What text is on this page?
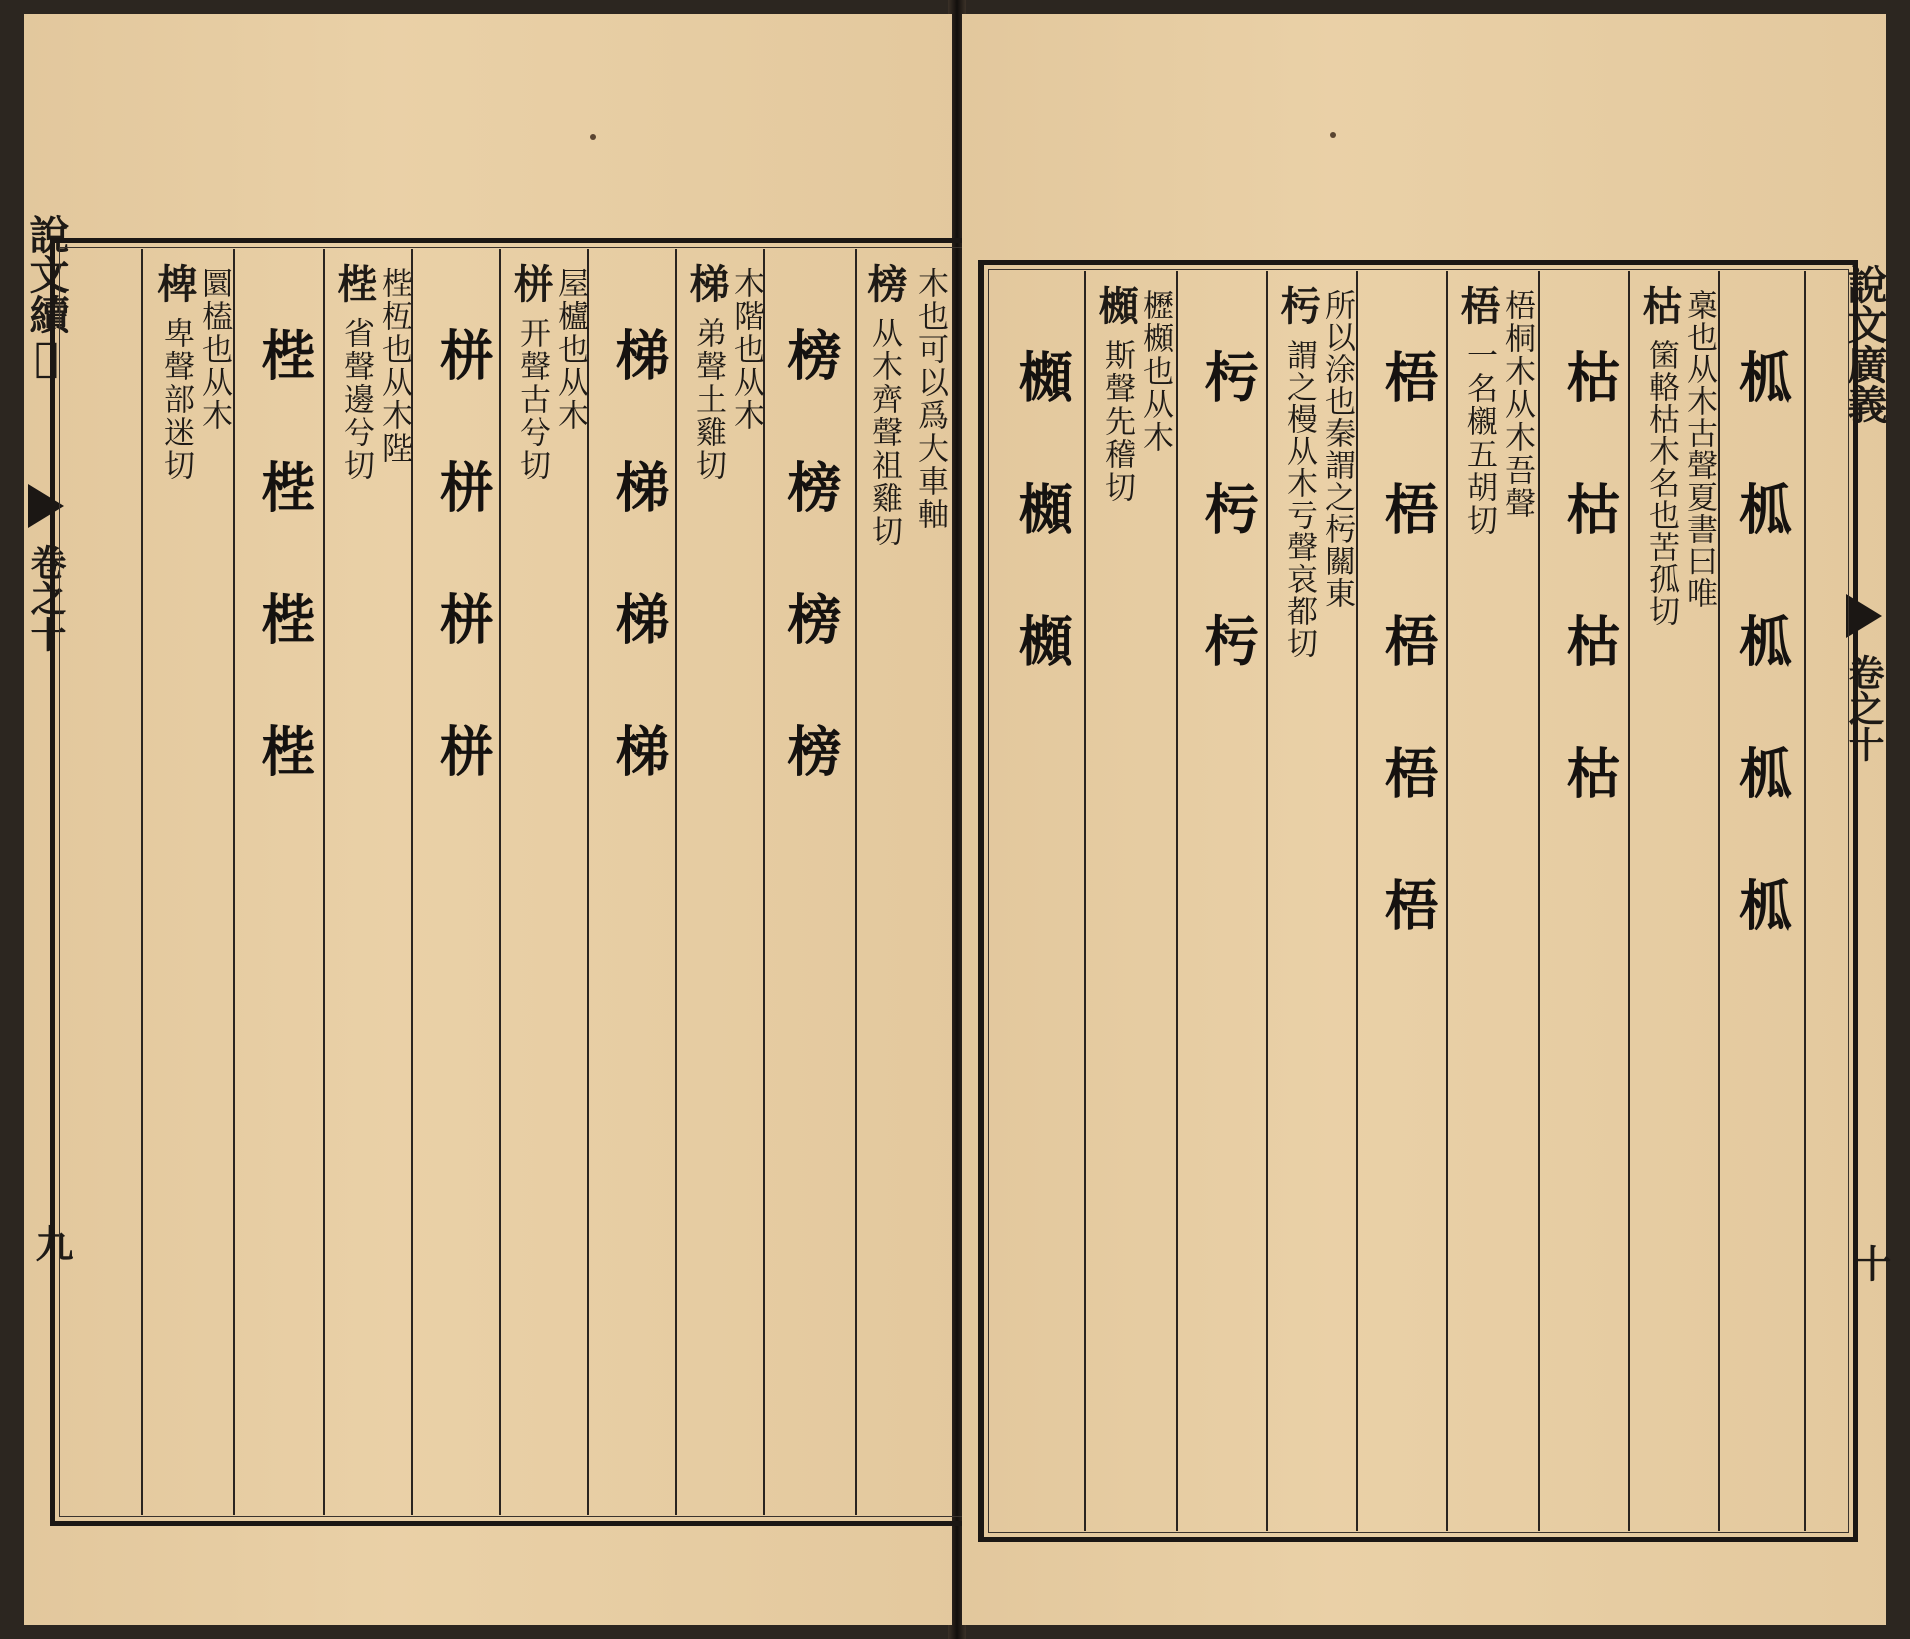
說文續𥡆
卷之十
九
榜 木也可以爲大車軸
从木齊聲祖雞切
榜榜榜榜
梯
木階也从木
弟聲土雞切
梯梯梯梯
栟
屋櫨也从木
开聲古兮切
栟栟栟栟
梐
梐枑也从木陛
省聲邊兮切
梐梐梐梐
椑
圜榼也从木
卑聲部迷切	說文廣義
卷之十
十
柧柧柧柧柧
枯
槀也从木古聲夏書曰唯
箘輅枯木名也苦孤切
枯枯枯枯
梧
梧桐木从木吾聲
一名櫬五胡切
梧梧梧梧梧
杇
所以涂也秦謂之杇關東
謂之槾从木亏聲哀都切
杇杇杇
櫇
櫪櫇也从木
斯聲先稽切
櫇櫇櫇
